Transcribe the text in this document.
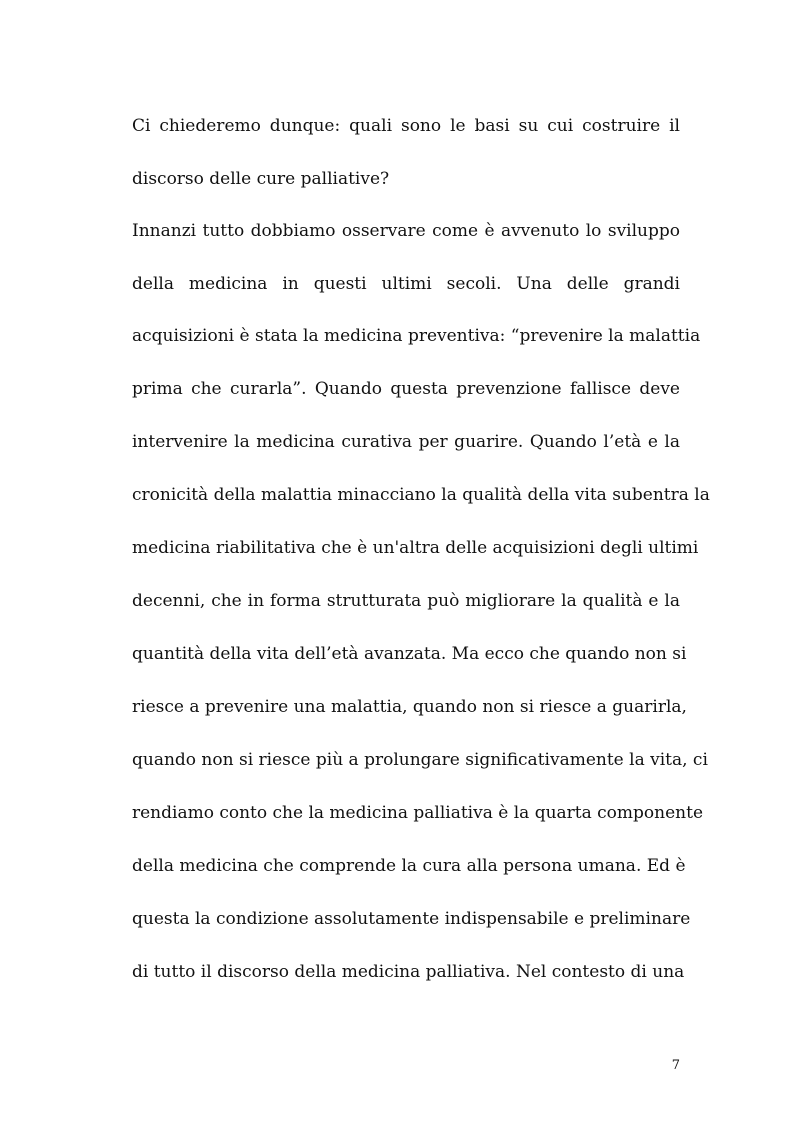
Ci chiederemo dunque: quali sono le basi su cui costruire il
discorso delle cure palliative?
Innanzi tutto dobbiamo osservare come è avvenuto lo sviluppo
della medicina in questi ultimi secoli. Una delle grandi
acquisizioni è stata la medicina preventiva: “prevenire la malattia
prima che curarla”. Quando questa prevenzione fallisce deve
intervenire la medicina curativa per guarire. Quando l’età e la
cronicità della malattia minacciano la qualità della vita subentra la
medicina riabilitativa che è un'altra delle acquisizioni degli ultimi
decenni, che in forma strutturata può migliorare la qualità e la
quantità della vita dell’età avanzata. Ma ecco che quando non si
riesce a prevenire una malattia, quando non si riesce a guarirla,
quando non si riesce più a prolungare significativamente la vita, ci
rendiamo conto che la medicina palliativa è la quarta componente
della medicina che comprende la cura alla persona umana. Ed è
questa la condizione assolutamente indispensabile e preliminare
di tutto il discorso della medicina palliativa. Nel contesto di una
7
